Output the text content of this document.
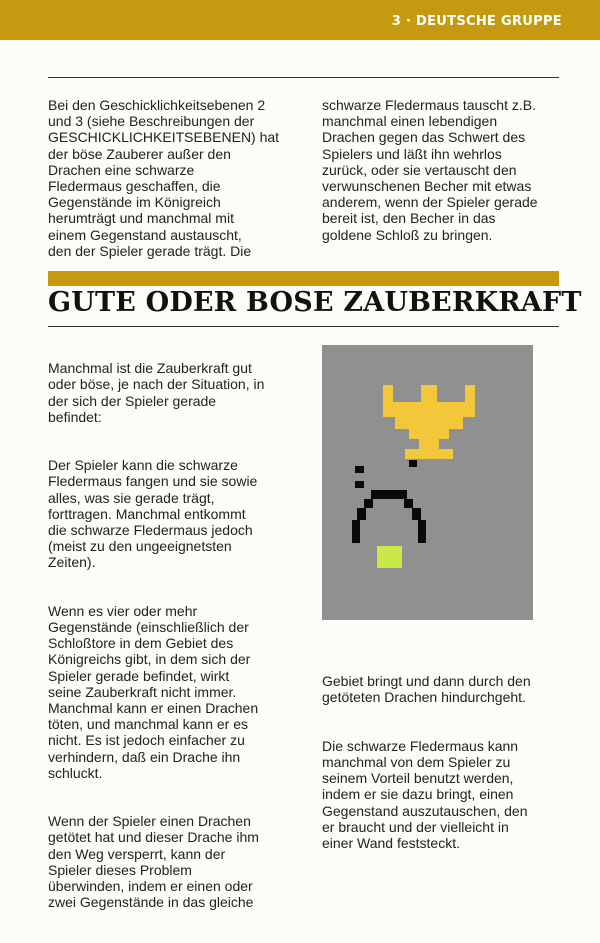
3 · DEUTSCHE GRUPPE
Bei den Geschicklichkeitsebenen 2
und 3 (siehe Beschreibungen der
GESCHICKLICHKEITSEBENEN) hat
der böse Zauberer außer den
Drachen eine schwarze
Fledermaus geschaffen, die
Gegenstände im Königreich
herumträgt und manchmal mit
einem Gegenstand austauscht,
den der Spieler gerade trägt. Die
schwarze Fledermaus tauscht z.B.
manchmal einen lebendigen
Drachen gegen das Schwert des
Spielers und läßt ihn wehrlos
zurück, oder sie vertauscht den
verwunschenen Becher mit etwas
anderem, wenn der Spieler gerade
bereit ist, den Becher in das
goldene Schloß zu bringen.
GUTE ODER BOSE ZAUBERKRAFT

Manchmal ist die Zauberkraft gut
oder böse, je nach der Situation, in
der sich der Spieler gerade
befindet:

Der Spieler kann die schwarze
Fledermaus fangen und sie sowie
alles, was sie gerade trägt,
forttragen. Manchmal entkommt
die schwarze Fledermaus jedoch
(meist zu den ungeeignetsten
Zeiten).

Wenn es vier oder mehr
Gegenstände (einschließlich der
Schloßtore in dem Gebiet des
Königreichs gibt, in dem sich der
Spieler gerade befindet, wirkt
seine Zauberkraft nicht immer.
Manchmal kann er einen Drachen
töten, und manchmal kann er es
nicht. Es ist jedoch einfacher zu
verhindern, daß ein Drache ihn
schluckt.

Wenn der Spieler einen Drachen
getötet hat und dieser Drache ihm
den Weg versperrt, kann der
Spieler dieses Problem
überwinden, indem er einen oder
zwei Gegenstände in das gleiche

Gebiet bringt und dann durch den
getöteten Drachen hindurchgeht.

Die schwarze Fledermaus kann
manchmal von dem Spieler zu
seinem Vorteil benutzt werden,
indem er sie dazu bringt, einen
Gegenstand auszutauschen, den
er braucht und der vielleicht in
einer Wand feststeckt.
